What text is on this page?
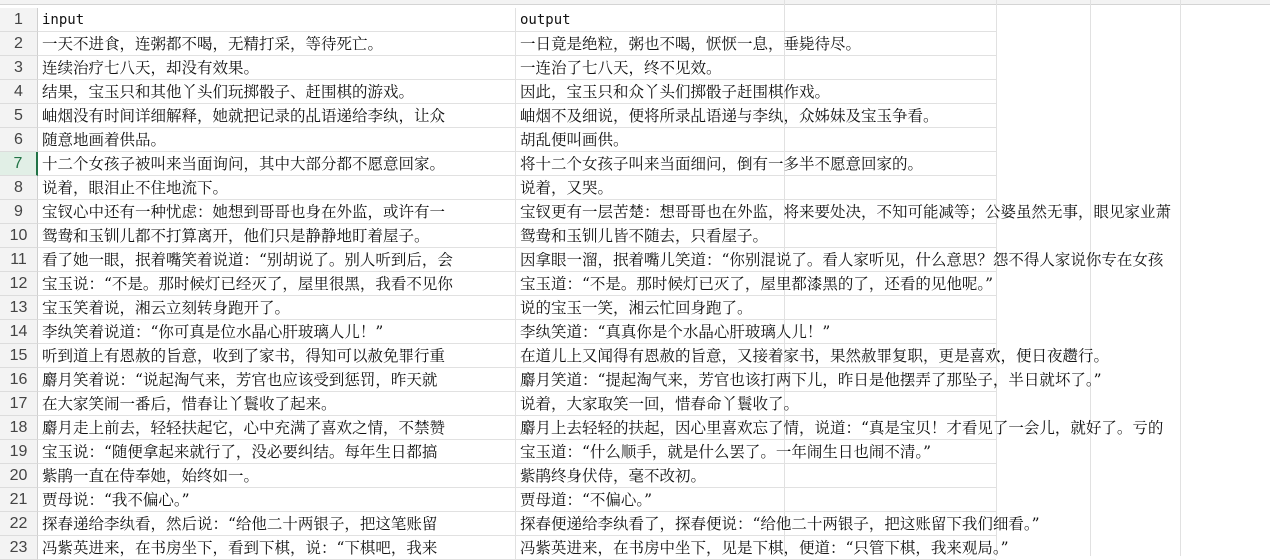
1	input	output
2	一天不进食，连粥都不喝，无精打采，等待死亡。	一日竟是绝粒，粥也不喝，恹恹一息，垂毙待尽。
3	连续治疗七八天，却没有效果。	一连治了七八天，终不见效。
4	结果，宝玉只和其他丫头们玩掷骰子、赶围棋的游戏。	因此，宝玉只和众丫头们掷骰子赶围棋作戏。
5	岫烟没有时间详细解释，她就把记录的乩语递给李纨，让众	岫烟不及细说，便将所录乩语递与李纨，众姊妹及宝玉争看。
6	随意地画着供品。	胡乱便叫画供。
7	十二个女孩子被叫来当面询问，其中大部分都不愿意回家。	将十二个女孩子叫来当面细问，倒有一多半不愿意回家的。
8	说着，眼泪止不住地流下。	说着，又哭。
9	宝钗心中还有一种忧虑：她想到哥哥也身在外监，或许有一	宝钗更有一层苦楚：想哥哥也在外监，将来要处决，不知可能减等；公婆虽然无事，眼见家业萧
10 鸳鸯和玉钏儿都不打算离开，他们只是静静地盯着屋子。	鸳鸯和玉钏儿皆不随去，只看屋子。
11 看了她一眼，抿着嘴笑着说道：“别胡说了。别人听到后，会	因拿眼一溜，抿着嘴儿笑道：“你别混说了。看人家听见，什么意思？怨不得人家说你专在女孩
12 宝玉说：“不是。那时候灯已经灭了，屋里很黑，我看不见你	宝玉道：“不是。那时候灯已灭了，屋里都漆黑的了，还看的见他呢。”
13 宝玉笑着说，湘云立刻转身跑开了。	说的宝玉一笑，湘云忙回身跑了。
14 李纨笑着说道：“你可真是位水晶心肝玻璃人儿！”	李纨笑道：“真真你是个水晶心肝玻璃人儿！”
15 听到道上有恩赦的旨意，收到了家书，得知可以赦免罪行重	在道儿上又闻得有恩赦的旨意，又接着家书，果然赦罪复职，更是喜欢，便日夜趱行。
16 麝月笑着说：“说起淘气来，芳官也应该受到惩罚，昨天就	麝月笑道：“提起淘气来，芳官也该打两下儿，昨日是他摆弄了那坠子，半日就坏了。”
17 在大家笑闹一番后，惜春让丫鬟收了起来。	说着，大家取笑一回，惜春命丫鬟收了。
18 麝月走上前去，轻轻扶起它，心中充满了喜欢之情，不禁赞	麝月上去轻轻的扶起，因心里喜欢忘了情，说道：“真是宝贝！才看见了一会儿，就好了。亏的
19 宝玉说：“随便拿起来就行了，没必要纠结。每年生日都搞	宝玉道：“什么顺手，就是什么罢了。一年闹生日也闹不清。”
20 紫鹃一直在侍奉她，始终如一。	紫鹃终身伏侍，毫不改初。
21 贾母说：“我不偏心。”	贾母道：“不偏心。”
22 探春递给李纨看，然后说：“给他二十两银子，把这笔账留	探春便递给李纨看了，探春便说：“给他二十两银子，把这账留下我们细看。”
23 冯紫英进来，在书房坐下，看到下棋，说：“下棋吧，我来	冯紫英进来，在书房中坐下，见是下棋，便道：“只管下棋，我来观局。”
